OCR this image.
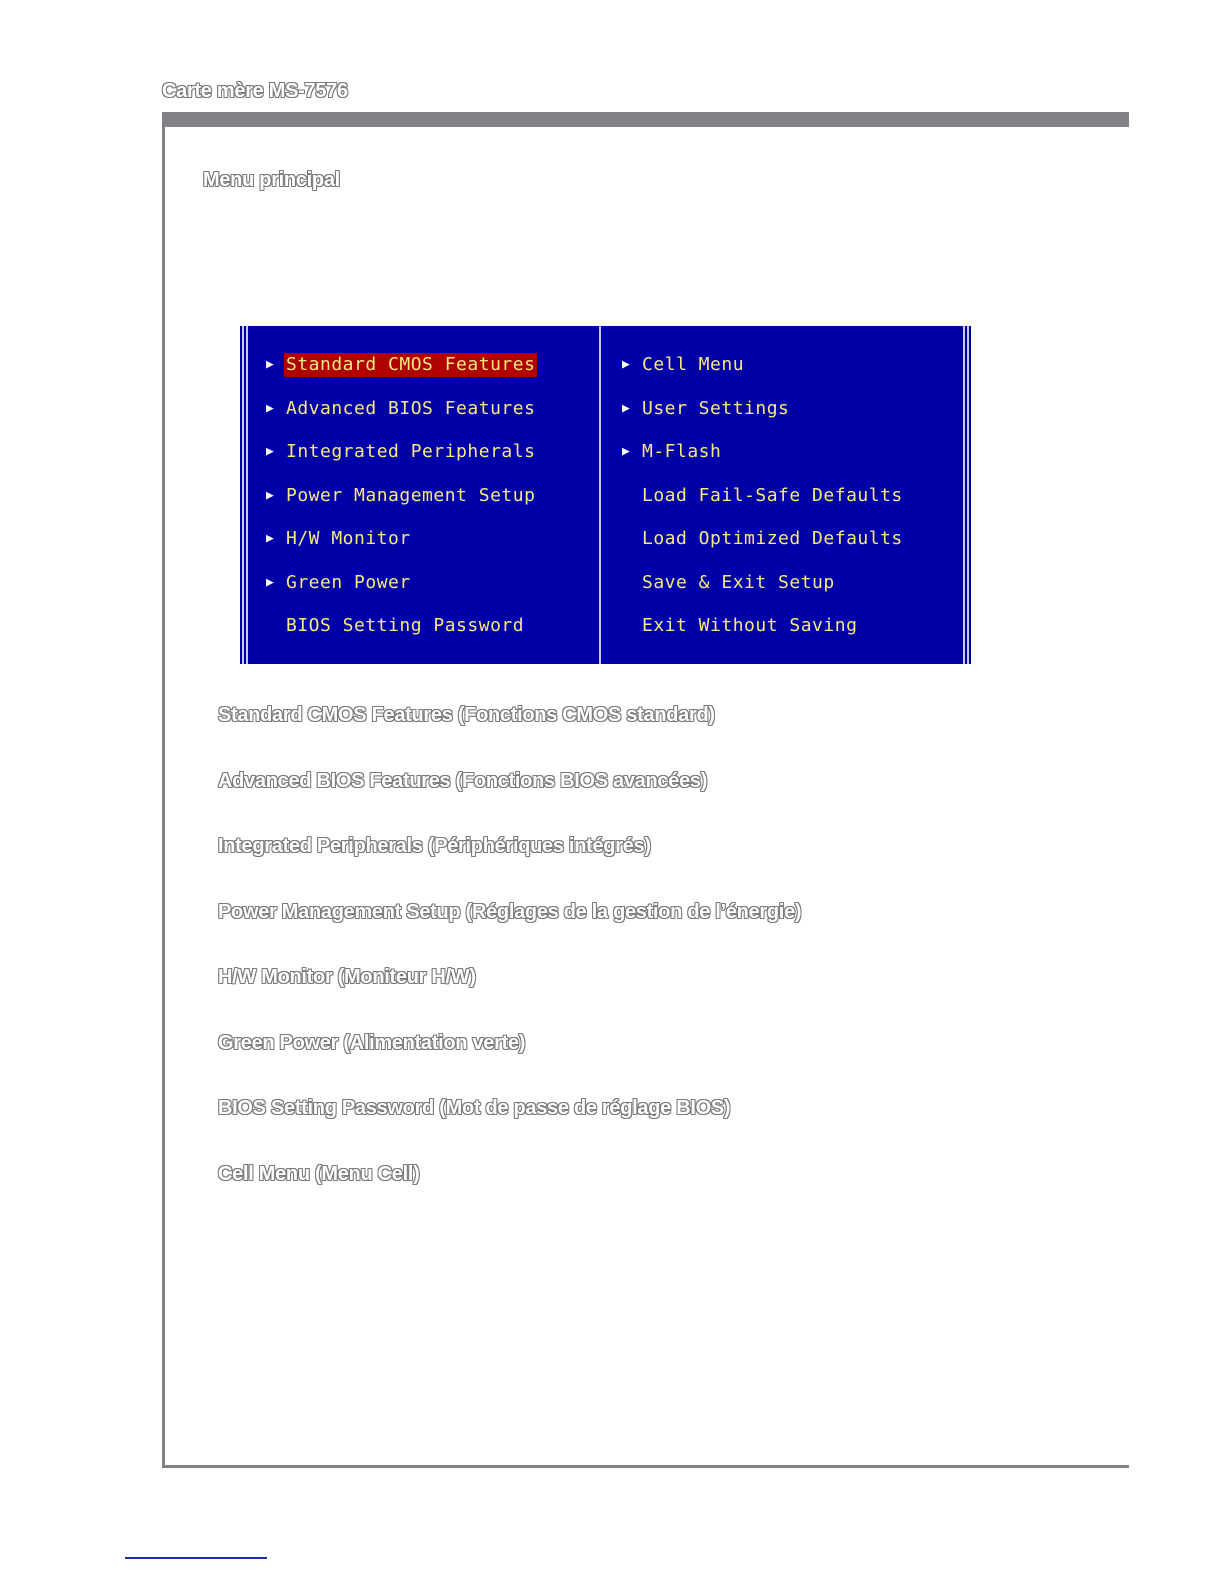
Carte mère MS-7576
Menu principal
▶ Standard CMOS Features
▶ Advanced BIOS Features
▶ Integrated Peripherals
▶ Power Management Setup
▶ H/W Monitor
▶ Green Power
BIOS Setting Password
▶ Cell Menu
▶ User Settings
▶ M-Flash
Load Fail-Safe Defaults
Load Optimized Defaults
Save & Exit Setup
Exit Without Saving
Standard CMOS Features (Fonctions CMOS standard)
Advanced BIOS Features (Fonctions BIOS avancées)
Integrated Peripherals (Périphériques intégrés)
Power Management Setup (Réglages de la gestion de l’énergie)
H/W Monitor (Moniteur H/W)
Green Power (Alimentation verte)
BIOS Setting Password (Mot de passe de réglage BIOS)
Cell Menu (Menu Cell)
